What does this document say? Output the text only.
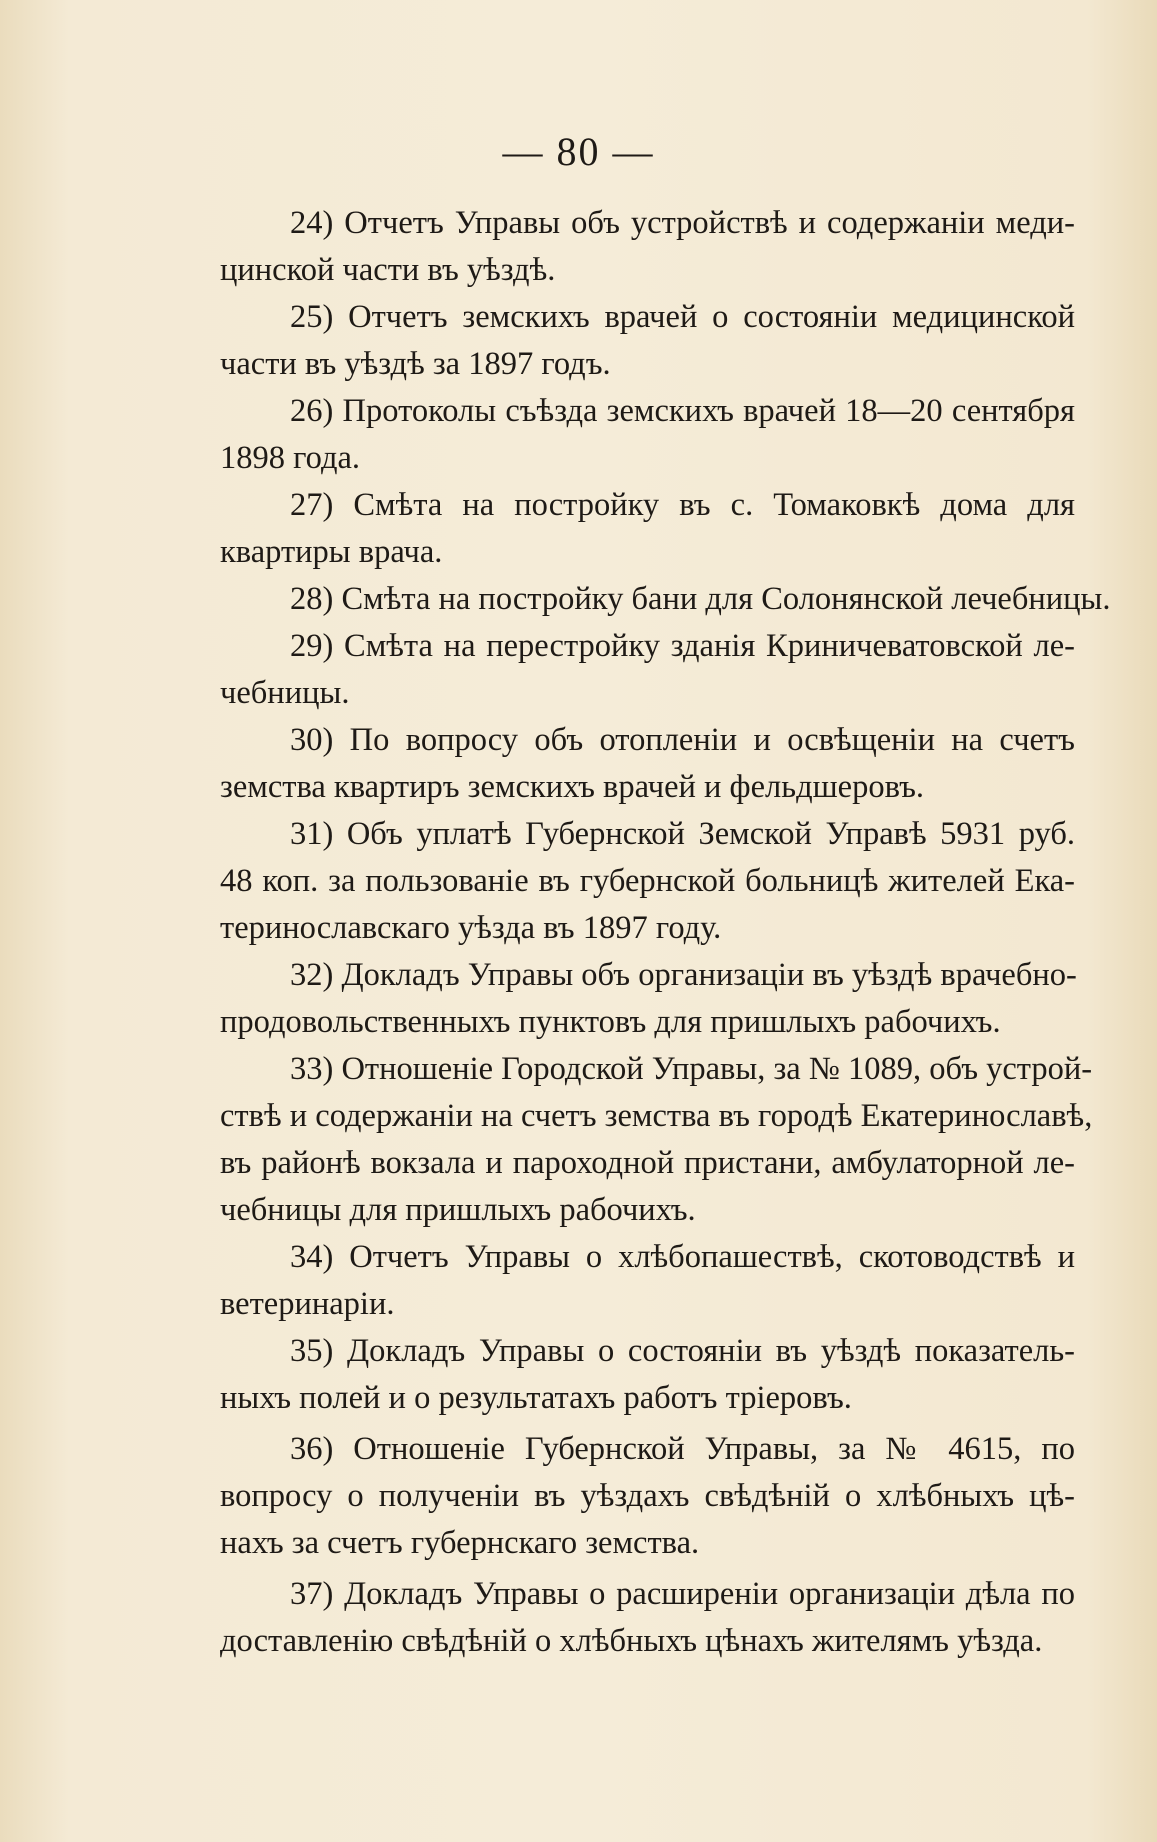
— 80 —
24) Отчетъ Управы объ устройствѣ и содержаніи меди-
цинской части въ уѣздѣ.
25) Отчетъ земскихъ врачей о состояніи медицинской
части въ уѣздѣ за 1897 годъ.
26) Протоколы съѣзда земскихъ врачей 18—20 сентября
1898 года.
27) Смѣта на постройку въ с. Томаковкѣ дома для
квартиры врача.
28) Смѣта на постройку бани для Солонянской лечебницы.
29) Смѣта на перестройку зданія Криничеватовской ле-
чебницы.
30) По вопросу объ отопленіи и освѣщеніи на счетъ
земства квартиръ земскихъ врачей и фельдшеровъ.
31) Объ уплатѣ Губернской Земской Управѣ 5931 руб.
48 коп. за пользованіе въ губернской больницѣ жителей Ека-
теринославскаго уѣзда въ 1897 году.
32) Докладъ Управы объ организаціи въ уѣздѣ врачебно-
продовольственныхъ пунктовъ для пришлыхъ рабочихъ.
33) Отношеніе Городской Управы, за № 1089, объ устрой-
ствѣ и содержаніи на счетъ земства въ городѣ Екатеринославѣ,
въ районѣ вокзала и пароходной пристани, амбулаторной ле-
чебницы для пришлыхъ рабочихъ.
34) Отчетъ Управы о хлѣбопашествѣ, скотоводствѣ и
ветеринаріи.
35) Докладъ Управы о состояніи въ уѣздѣ показатель-
ныхъ полей и о результатахъ работъ тріеровъ.
36) Отношеніе Губернской Управы, за № 4615, по
вопросу о полученіи въ уѣздахъ свѣдѣній о хлѣбныхъ цѣ-
нахъ за счетъ губернскаго земства.
37) Докладъ Управы о расширеніи организаціи дѣла по
доставленію свѣдѣній о хлѣбныхъ цѣнахъ жителямъ уѣзда.
